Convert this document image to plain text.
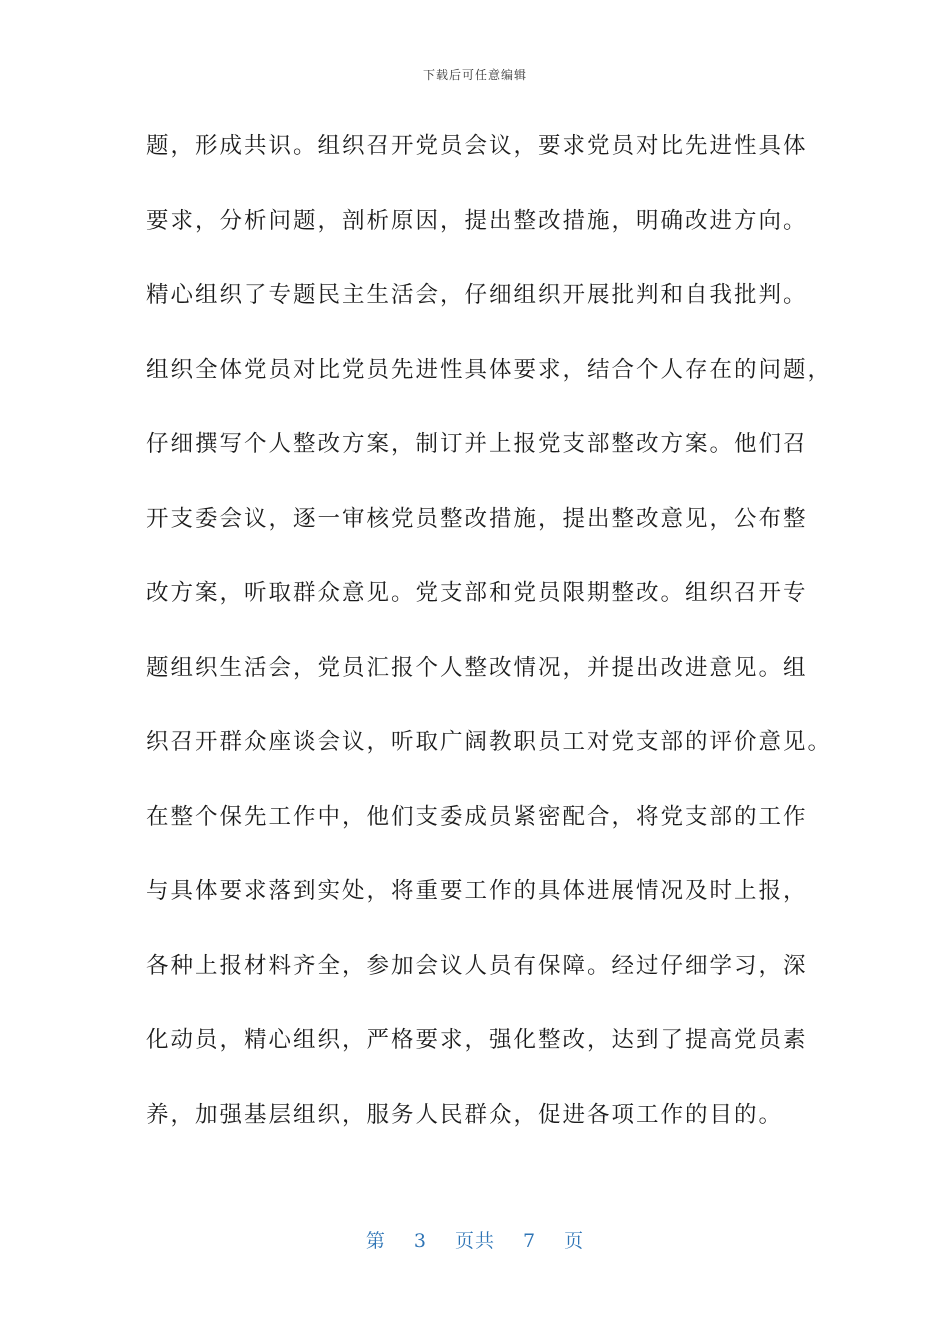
下载后可任意编辑
题，形成共识。组织召开党员会议，要求党员对比先进性具体
要求，分析问题，剖析原因，提出整改措施，明确改进方向。
精心组织了专题民主生活会，仔细组织开展批判和自我批判。
组织全体党员对比党员先进性具体要求，结合个人存在的问题，
仔细撰写个人整改方案，制订并上报党支部整改方案。他们召
开支委会议，逐一审核党员整改措施，提出整改意见，公布整
改方案，听取群众意见。党支部和党员限期整改。组织召开专
题组织生活会，党员汇报个人整改情况，并提出改进意见。组
织召开群众座谈会议，听取广阔教职员工对党支部的评价意见。
在整个保先工作中，他们支委成员紧密配合，将党支部的工作
与具体要求落到实处，将重要工作的具体进展情况及时上报，
各种上报材料齐全，参加会议人员有保障。经过仔细学习，深
化动员，精心组织，严格要求，强化整改，达到了提高党员素
养，加强基层组织，服务人民群众，促进各项工作的目的。
第 3 页共 7 页
